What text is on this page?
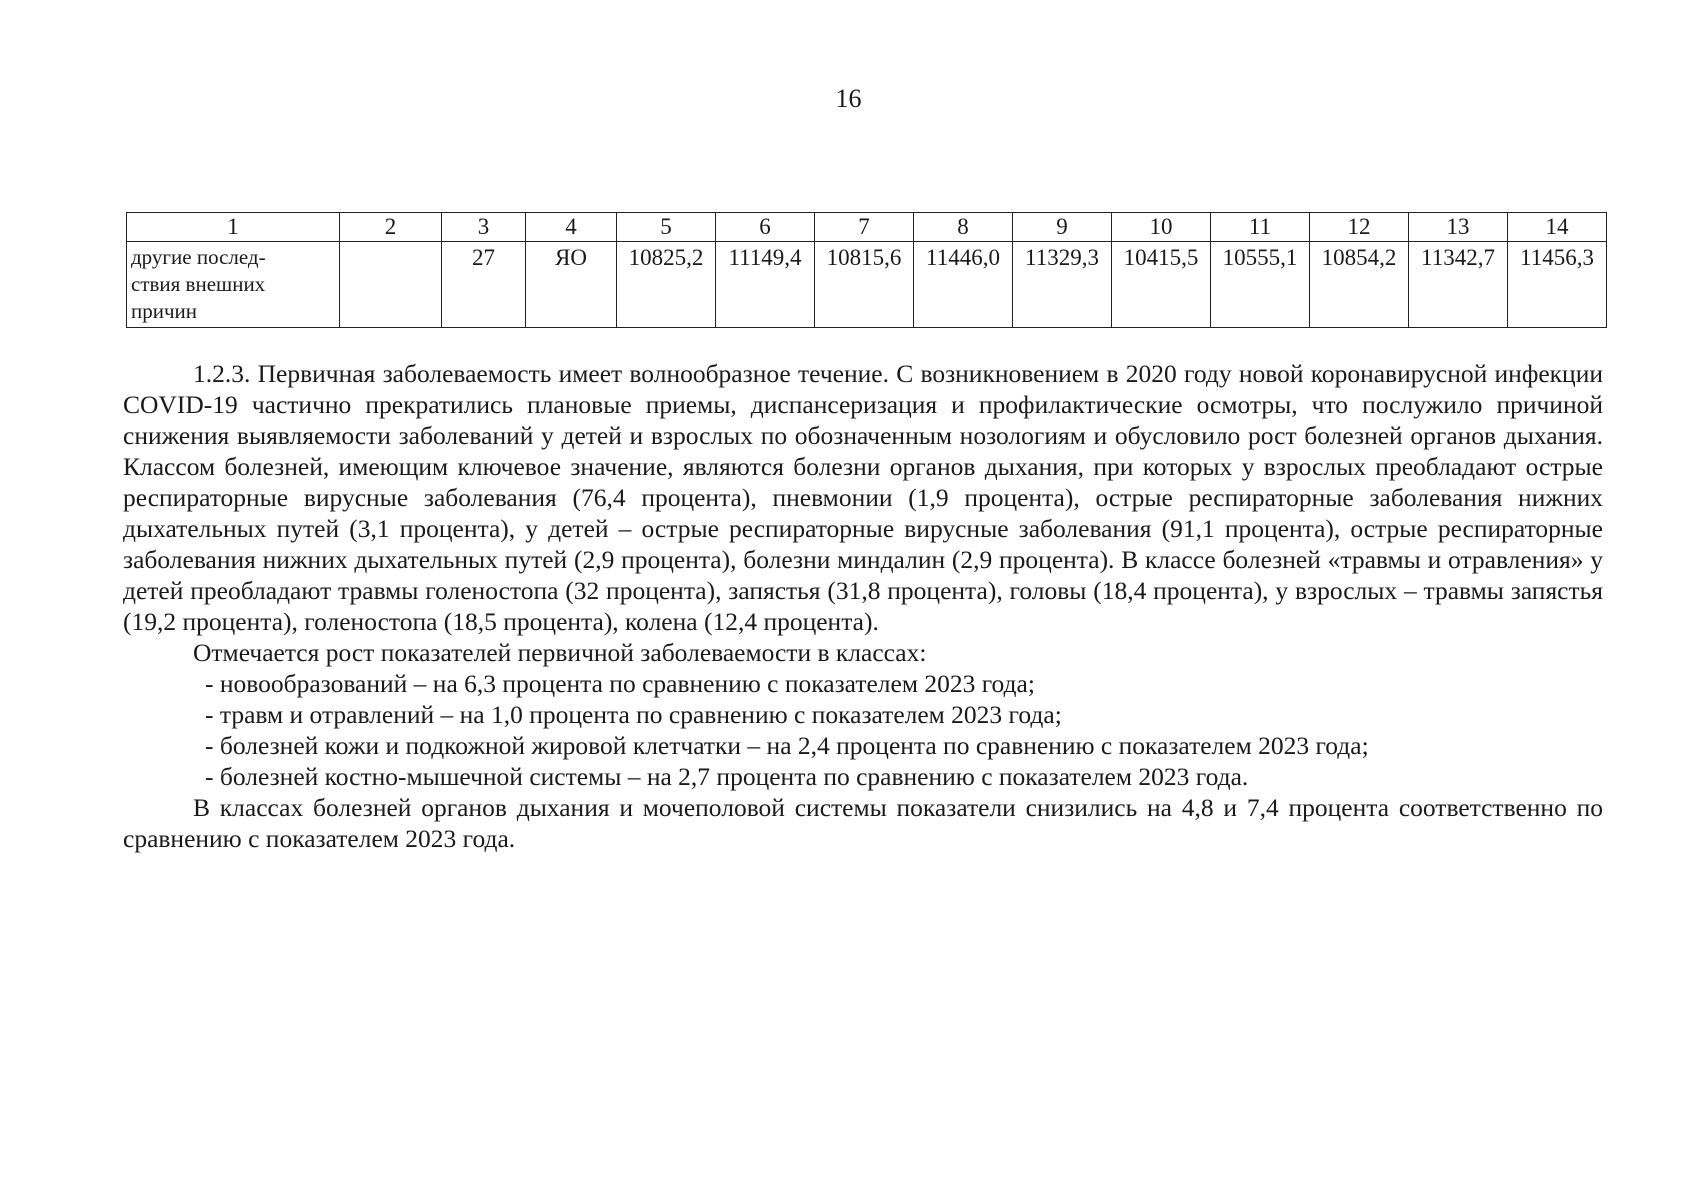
16
1	2	3	4	5	6	7	8	9	10	11	12	13	14

другие послед-
ствия внешних
причин		27	ЯО	10825,2	11149,4	10815,6	11446,0	11329,3	10415,5	10555,1	10854,2	11342,7	11456,3

1.2.3. Первичная заболеваемость имеет волнообразное течение. С возникновением в 2020 году новой коронавирусной инфекции COVID-19 частично прекратились плановые приемы, диспансеризация и профилактические осмотры, что послужило причиной снижения выявляемости заболеваний у детей и взрослых по обозначенным нозологиям и обусловило рост болезней органов дыхания. Классом болезней, имеющим ключевое значение, являются болезни органов дыхания, при которых у взрослых преобладают острые респираторные вирусные заболевания (76,4 процента), пневмонии (1,9 процента), острые респираторные заболевания нижних дыхательных путей (3,1 процента), у детей – острые респираторные вирусные заболевания (91,1 процента), острые респираторные заболевания нижних дыхательных путей (2,9 процента), болезни миндалин (2,9 процента). В классе болезней «травмы и отравления» у детей преобладают травмы голеностопа (32 процента), запястья (31,8 процента), головы (18,4 процента), у взрослых – травмы запястья (19,2 процента), голеностопа (18,5 процента), колена (12,4 процента).

Отмечается рост показателей первичной заболеваемости в классах:

- новообразований – на 6,3 процента по сравнению с показателем 2023 года;

- травм и отравлений – на 1,0 процента по сравнению с показателем 2023 года;

- болезней кожи и подкожной жировой клетчатки – на 2,4 процента по сравнению с показателем 2023 года;

- болезней костно-мышечной системы – на 2,7 процента по сравнению с показателем 2023 года.

В классах болезней органов дыхания и мочеполовой системы показатели снизились на 4,8 и 7,4 процента соответственно по сравнению с показателем 2023 года.
